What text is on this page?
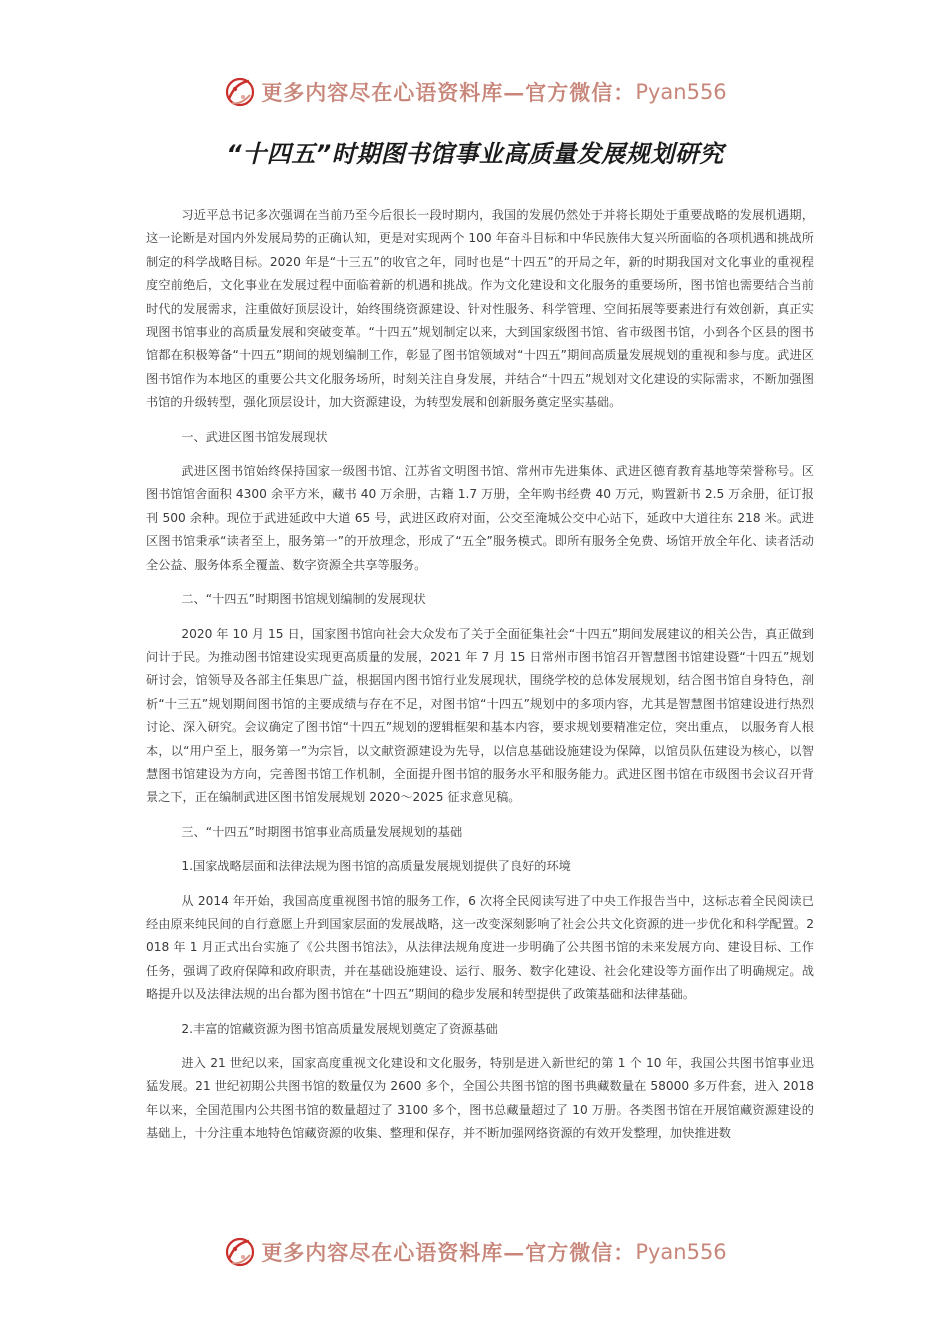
更多内容尽在心语资料库—官方微信： Pyan556
“十四五”时期图书馆事业高质量发展规划研究

习近平总书记多次强调在当前乃至今后很长一段时期内，我国的发展仍然处于并将长期处于重要战略的发展机遇期，这一论断是对国内外发展局势的正确认知，更是对实现两个 100 年奋斗目标和中华民族伟大复兴所面临的各项机遇和挑战所制定的科学战略目标。2020 年是“十三五”的收官之年，同时也是“十四五”的开局之年，新的时期我国对文化事业的重视程度空前绝后，文化事业在发展过程中面临着新的机遇和挑战。作为文化建设和文化服务的重要场所，图书馆也需要结合当前时代的发展需求，注重做好顶层设计，始终围绕资源建设、针对性服务、科学管理、空间拓展等要素进行有效创新，真正实现图书馆事业的高质量发展和突破变革。“十四五”规划制定以来，大到国家级图书馆、省市级图书馆，小到各个区县的图书馆都在积极筹备“十四五”期间的规划编制工作，彰显了图书馆领域对“十四五”期间高质量发展规划的重视和参与度。武进区图书馆作为本地区的重要公共文化服务场所，时刻关注自身发展，并结合“十四五”规划对文化建设的实际需求，不断加强图书馆的升级转型，强化顶层设计，加大资源建设，为转型发展和创新服务奠定坚实基础。

一、武进区图书馆发展现状

武进区图书馆始终保持国家一级图书馆、江苏省文明图书馆、常州市先进集体、武进区德育教育基地等荣誉称号。区图书馆馆舍面积 4300 余平方米，藏书 40 万余册，古籍 1.7 万册，全年购书经费 40 万元，购置新书 2.5 万余册，征订报刊 500 余种。现位于武进延政中大道 65 号，武进区政府对面，公交至淹城公交中心站下，延政中大道往东 218 米。武进区图书馆秉承“读者至上，服务第一”的开放理念，形成了“五全”服务模式。即所有服务全免费、场馆开放全年化、读者活动全公益、服务体系全覆盖、数字资源全共享等服务。

二、“十四五”时期图书馆规划编制的发展现状

2020 年 10 月 15 日，国家图书馆向社会大众发布了关于全面征集社会“十四五”期间发展建议的相关公告，真正做到问计于民。为推动图书馆建设实现更高质量的发展，2021 年 7 月 15 日常州市图书馆召开智慧图书馆建设暨“十四五”规划研讨会，馆领导及各部主任集思广益，根据国内图书馆行业发展现状，围绕学校的总体发展规划，结合图书馆自身特色，剖析“十三五”规划期间图书馆的主要成绩与存在不足，对图书馆“十四五”规划中的多项内容，尤其是智慧图书馆建设进行热烈讨论、深入研究。会议确定了图书馆“十四五”规划的逻辑框架和基本内容，要求规划要精准定位，突出重点， 以服务育人根本，以“用户至上，服务第一”为宗旨，以文献资源建设为先导，以信息基础设施建设为保障，以馆员队伍建设为核心，以智慧图书馆建设为方向，完善图书馆工作机制，全面提升图书馆的服务水平和服务能力。武进区图书馆在市级图书会议召开背景之下，正在编制武进区图书馆发展规划 2020～2025 征求意见稿。

三、“十四五”时期图书馆事业高质量发展规划的基础

1.国家战略层面和法律法规为图书馆的高质量发展规划提供了良好的环境

从 2014 年开始，我国高度重视图书馆的服务工作，6 次将全民阅读写进了中央工作报告当中，这标志着全民阅读已经由原来纯民间的自行意愿上升到国家层面的发展战略，这一改变深刻影响了社会公共文化资源的进一步优化和科学配置。2018 年 1 月正式出台实施了《公共图书馆法》，从法律法规角度进一步明确了公共图书馆的未来发展方向、建设目标、工作任务，强调了政府保障和政府职责，并在基础设施建设、运行、服务、数字化建设、社会化建设等方面作出了明确规定。战略提升以及法律法规的出台都为图书馆在“十四五”期间的稳步发展和转型提供了政策基础和法律基础。

2.丰富的馆藏资源为图书馆高质量发展规划奠定了资源基础

进入 21 世纪以来，国家高度重视文化建设和文化服务，特别是进入新世纪的第 1 个 10 年，我国公共图书馆事业迅猛发展。21 世纪初期公共图书馆的数量仅为 2600 多个，全国公共图书馆的图书典藏数量在 58000 多万件套，进入 2018 年以来，全国范围内公共图书馆的数量超过了 3100 多个，图书总藏量超过了 10 万册。各类图书馆在开展馆藏资源建设的基础上，十分注重本地特色馆藏资源的收集、整理和保存，并不断加强网络资源的有效开发整理，加快推进数

更多内容尽在心语资料库—官方微信： Pyan556
